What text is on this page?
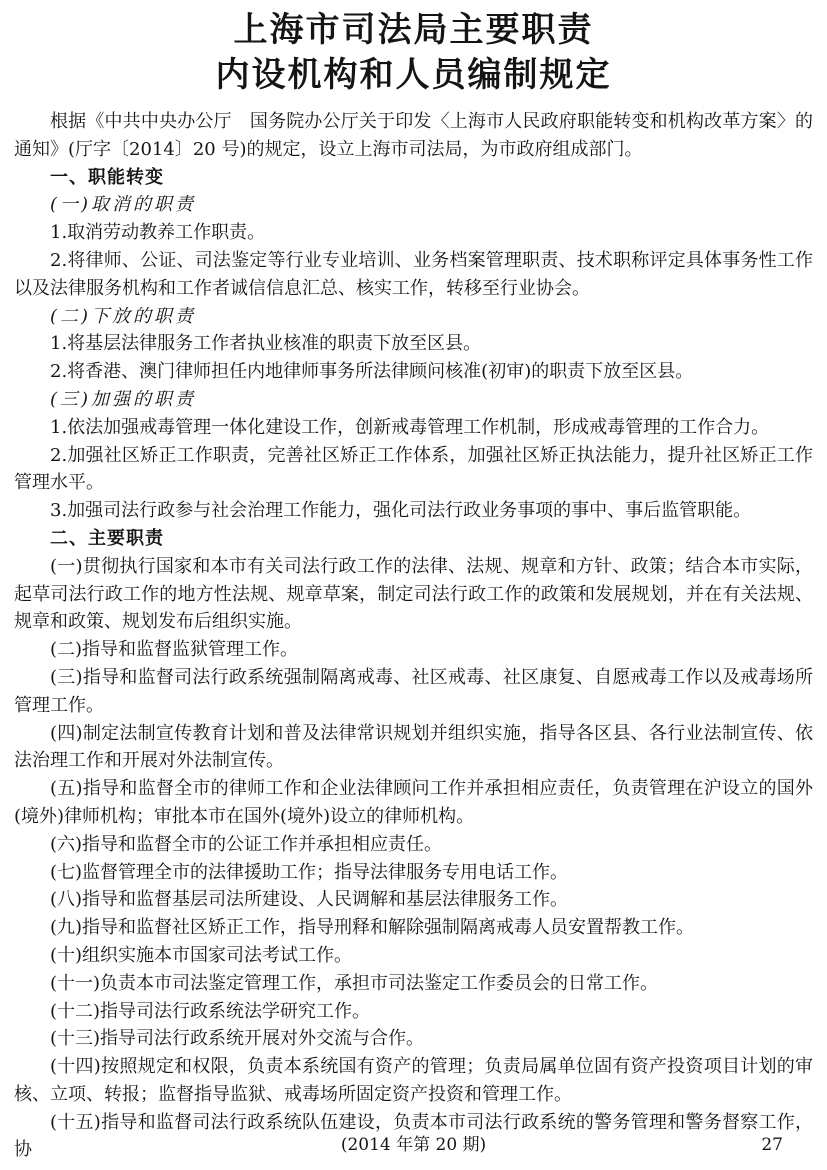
上海市司法局主要职责
内设机构和人员编制规定

根据《中共中央办公厅　国务院办公厅关于印发〈上海市人民政府职能转变和机构改革方案〉的通知》(厅字〔2014〕20 号)的规定，设立上海市司法局，为市政府组成部门。

一、职能转变

(一)取消的职责

1.取消劳动教养工作职责。

2.将律师、公证、司法鉴定等行业专业培训、业务档案管理职责、技术职称评定具体事务性工作以及法律服务机构和工作者诚信信息汇总、核实工作，转移至行业协会。

(二)下放的职责

1.将基层法律服务工作者执业核准的职责下放至区县。

2.将香港、澳门律师担任内地律师事务所法律顾问核准(初审)的职责下放至区县。

(三)加强的职责

1.依法加强戒毒管理一体化建设工作，创新戒毒管理工作机制，形成戒毒管理的工作合力。

2.加强社区矫正工作职责，完善社区矫正工作体系，加强社区矫正执法能力，提升社区矫正工作管理水平。

3.加强司法行政参与社会治理工作能力，强化司法行政业务事项的事中、事后监管职能。

二、主要职责

(一)贯彻执行国家和本市有关司法行政工作的法律、法规、规章和方针、政策；结合本市实际，起草司法行政工作的地方性法规、规章草案，制定司法行政工作的政策和发展规划，并在有关法规、规章和政策、规划发布后组织实施。

(二)指导和监督监狱管理工作。

(三)指导和监督司法行政系统强制隔离戒毒、社区戒毒、社区康复、自愿戒毒工作以及戒毒场所管理工作。

(四)制定法制宣传教育计划和普及法律常识规划并组织实施，指导各区县、各行业法制宣传、依法治理工作和开展对外法制宣传。

(五)指导和监督全市的律师工作和企业法律顾问工作并承担相应责任，负责管理在沪设立的国外(境外)律师机构；审批本市在国外(境外)设立的律师机构。

(六)指导和监督全市的公证工作并承担相应责任。

(七)监督管理全市的法律援助工作；指导法律服务专用电话工作。

(八)指导和监督基层司法所建设、人民调解和基层法律服务工作。

(九)指导和监督社区矫正工作，指导刑释和解除强制隔离戒毒人员安置帮教工作。

(十)组织实施本市国家司法考试工作。

(十一)负责本市司法鉴定管理工作，承担市司法鉴定工作委员会的日常工作。

(十二)指导司法行政系统法学研究工作。

(十三)指导司法行政系统开展对外交流与合作。

(十四)按照规定和权限，负责本系统国有资产的管理；负责局属单位固有资产投资项目计划的审核、立项、转报；监督指导监狱、戒毒场所固定资产投资和管理工作。

(十五)指导和监督司法行政系统队伍建设，负责本市司法行政系统的警务管理和警务督察工作，协	(2014 年第 20 期)	27
